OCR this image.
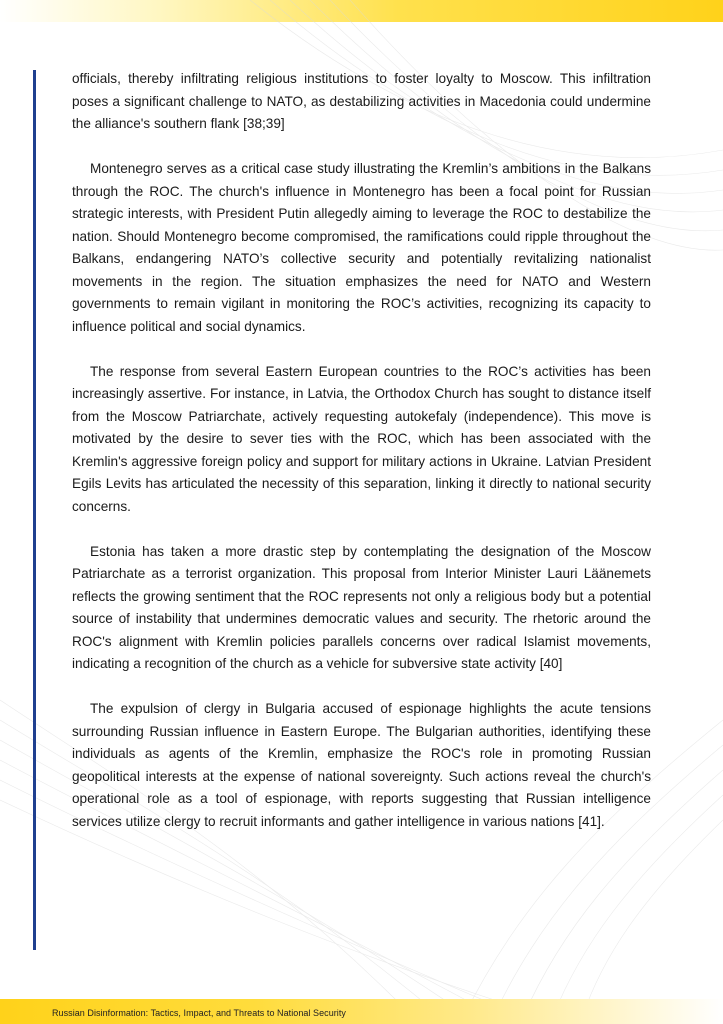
officials, thereby infiltrating religious institutions to foster loyalty to Moscow. This infiltration poses a significant challenge to NATO, as destabilizing activities in Macedonia could undermine the alliance's southern flank [38;39]

Montenegro serves as a critical case study illustrating the Kremlin’s ambitions in the Balkans through the ROC. The church's influence in Montenegro has been a focal point for Russian strategic interests, with President Putin allegedly aiming to leverage the ROC to destabilize the nation. Should Montenegro become compromised, the ramifications could ripple throughout the Balkans, endangering NATO’s collective security and potentially revitalizing nationalist movements in the region. The situation emphasizes the need for NATO and Western governments to remain vigilant in monitoring the ROC’s activities, recognizing its capacity to influence political and social dynamics.

The response from several Eastern European countries to the ROC’s activities has been increasingly assertive. For instance, in Latvia, the Orthodox Church has sought to distance itself from the Moscow Patriarchate, actively requesting autokefaly (independence). This move is motivated by the desire to sever ties with the ROC, which has been associated with the Kremlin's aggressive foreign policy and support for military actions in Ukraine. Latvian President Egils Levits has articulated the necessity of this separation, linking it directly to national security concerns.

Estonia has taken a more drastic step by contemplating the designation of the Moscow Patriarchate as a terrorist organization. This proposal from Interior Minister Lauri Läänemets reflects the growing sentiment that the ROC represents not only a religious body but a potential source of instability that undermines democratic values and security. The rhetoric around the ROC's alignment with Kremlin policies parallels concerns over radical Islamist movements, indicating a recognition of the church as a vehicle for subversive state activity [40]

The expulsion of clergy in Bulgaria accused of espionage highlights the acute tensions surrounding Russian influence in Eastern Europe. The Bulgarian authorities, identifying these individuals as agents of the Kremlin, emphasize the ROC's role in promoting Russian geopolitical interests at the expense of national sovereignty. Such actions reveal the church's operational role as a tool of espionage, with reports suggesting that Russian intelligence services utilize clergy to recruit informants and gather intelligence in various nations [41].

Russian Disinformation: Tactics, Impact, and Threats to National Security
